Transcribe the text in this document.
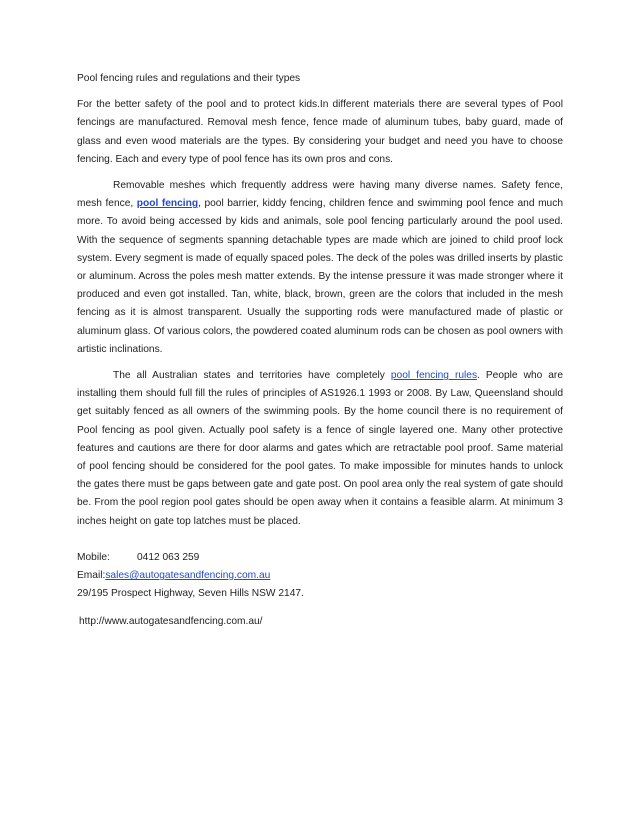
Pool fencing rules and regulations and their types

For the better safety of the pool and to protect kids.In different materials there are several types of Pool fencings are manufactured. Removal mesh fence, fence made of aluminum tubes, baby guard, made of glass and even wood materials are the types. By considering your budget and need you have to choose fencing. Each and every type of pool fence has its own pros and cons.

Removable meshes which frequently address were having many diverse names. Safety fence, mesh fence, pool fencing, pool barrier, kiddy fencing, children fence and swimming pool fence and much more. To avoid being accessed by kids and animals, sole pool fencing particularly around the pool used. With the sequence of segments spanning detachable types are made which are joined to child proof lock system. Every segment is made of equally spaced poles. The deck of the poles was drilled inserts by plastic or aluminum. Across the poles mesh matter extends. By the intense pressure it was made stronger where it produced and even got installed. Tan, white, black, brown, green are the colors that included in the mesh fencing as it is almost transparent. Usually the supporting rods were manufactured made of plastic or aluminum glass. Of various colors, the powdered coated aluminum rods can be chosen as pool owners with artistic inclinations.

The all Australian states and territories have completely pool fencing rules. People who are installing them should full fill the rules of principles of AS1926.1 1993 or 2008. By Law, Queensland should get suitably fenced as all owners of the swimming pools. By the home council there is no requirement of Pool fencing as pool given. Actually pool safety is a fence of single layered one. Many other protective features and cautions are there for door alarms and gates which are retractable pool proof. Same material of pool fencing should be considered for the pool gates. To make impossible for minutes hands to unlock the gates there must be gaps between gate and gate post. On pool area only the real system of gate should be. From the pool region pool gates should be open away when it contains a feasible alarm. At minimum 3 inches height on gate top latches must be placed.

Mobile:	0412 063 259
Email:sales@autogatesandfencing.com.au
29/195 Prospect Highway, Seven Hills NSW 2147.
http://www.autogatesandfencing.com.au/
